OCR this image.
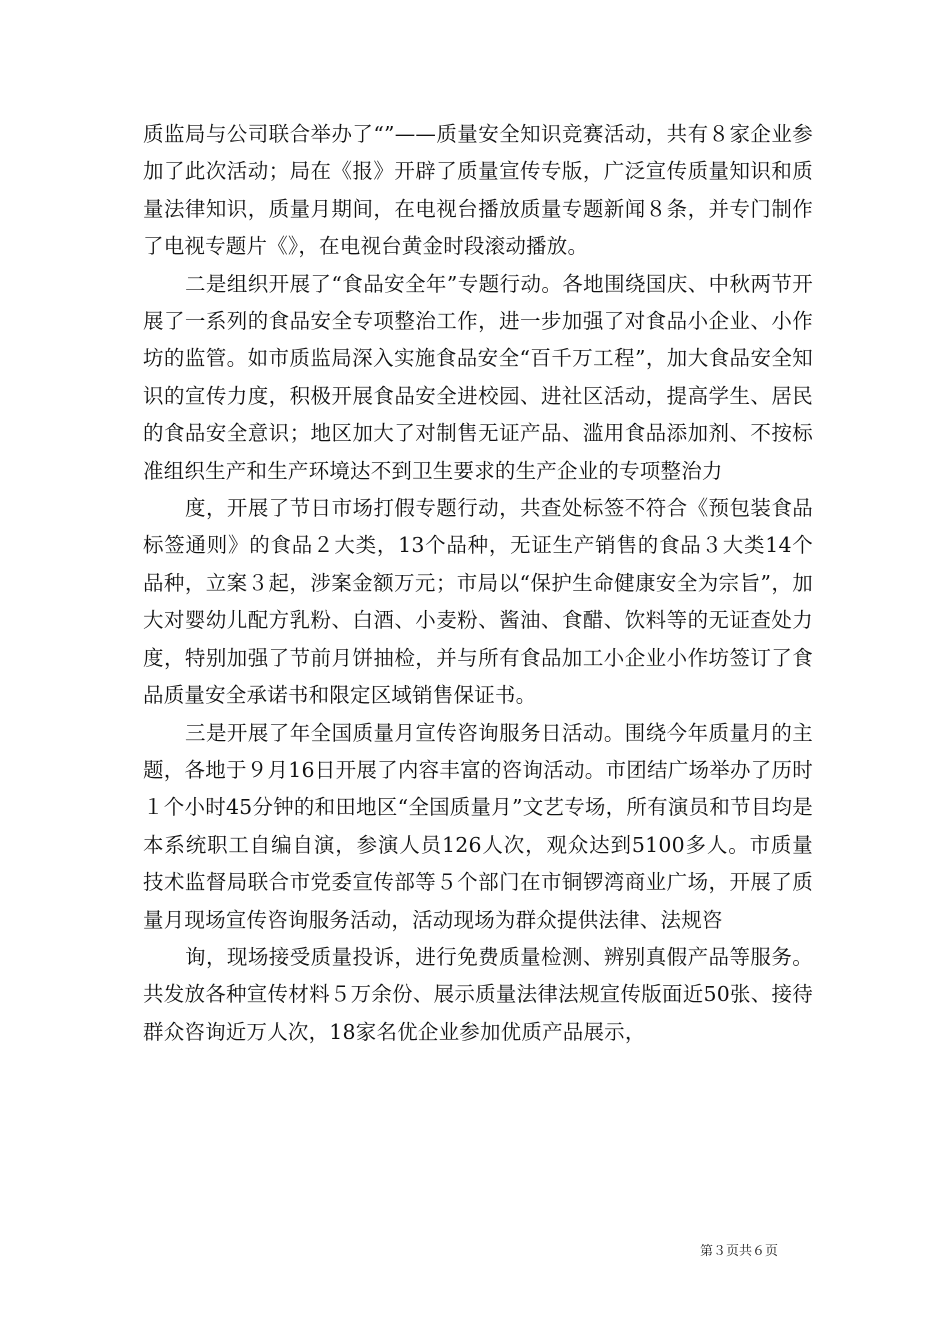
质监局与公司联合举办了“”——质量安全知识竞赛活动，共有８家企业参加了此次活动；局在《报》开辟了质量宣传专版，广泛宣传质量知识和质量法律知识，质量月期间，在电视台播放质量专题新闻８条，并专门制作了电视专题片《》，在电视台黄金时段滚动播放。

二是组织开展了“食品安全年”专题行动。各地围绕国庆、中秋两节开展了一系列的食品安全专项整治工作，进一步加强了对食品小企业、小作坊的监管。如市质监局深入实施食品安全“百千万工程”，加大食品安全知识的宣传力度，积极开展食品安全进校园、进社区活动，提高学生、居民的食品安全意识；地区加大了对制售无证产品、滥用食品添加剂、不按标准组织生产和生产环境达不到卫生要求的生产企业的专项整治力

度，开展了节日市场打假专题行动，共查处标签不符合《预包装食品标签通则》的食品２大类，13个品种，无证生产销售的食品３大类14个品种，立案３起，涉案金额万元；市局以“保护生命健康安全为宗旨”，加大对婴幼儿配方乳粉、白酒、小麦粉、酱油、食醋、饮料等的无证查处力度，特别加强了节前月饼抽检，并与所有食品加工小企业小作坊签订了食品质量安全承诺书和限定区域销售保证书。

三是开展了年全国质量月宣传咨询服务日活动。围绕今年质量月的主题，各地于９月16日开展了内容丰富的咨询活动。市团结广场举办了历时１个小时45分钟的和田地区“全国质量月”文艺专场，所有演员和节目均是本系统职工自编自演，参演人员126人次，观众达到5100多人。市质量技术监督局联合市党委宣传部等５个部门在市铜锣湾商业广场，开展了质量月现场宣传咨询服务活动，活动现场为群众提供法律、法规咨

询，现场接受质量投诉，进行免费质量检测、辨别真假产品等服务。共发放各种宣传材料５万余份、展示质量法律法规宣传版面近50张、接待群众咨询近万人次，18家名优企业参加优质产品展示，

第３页共６页
